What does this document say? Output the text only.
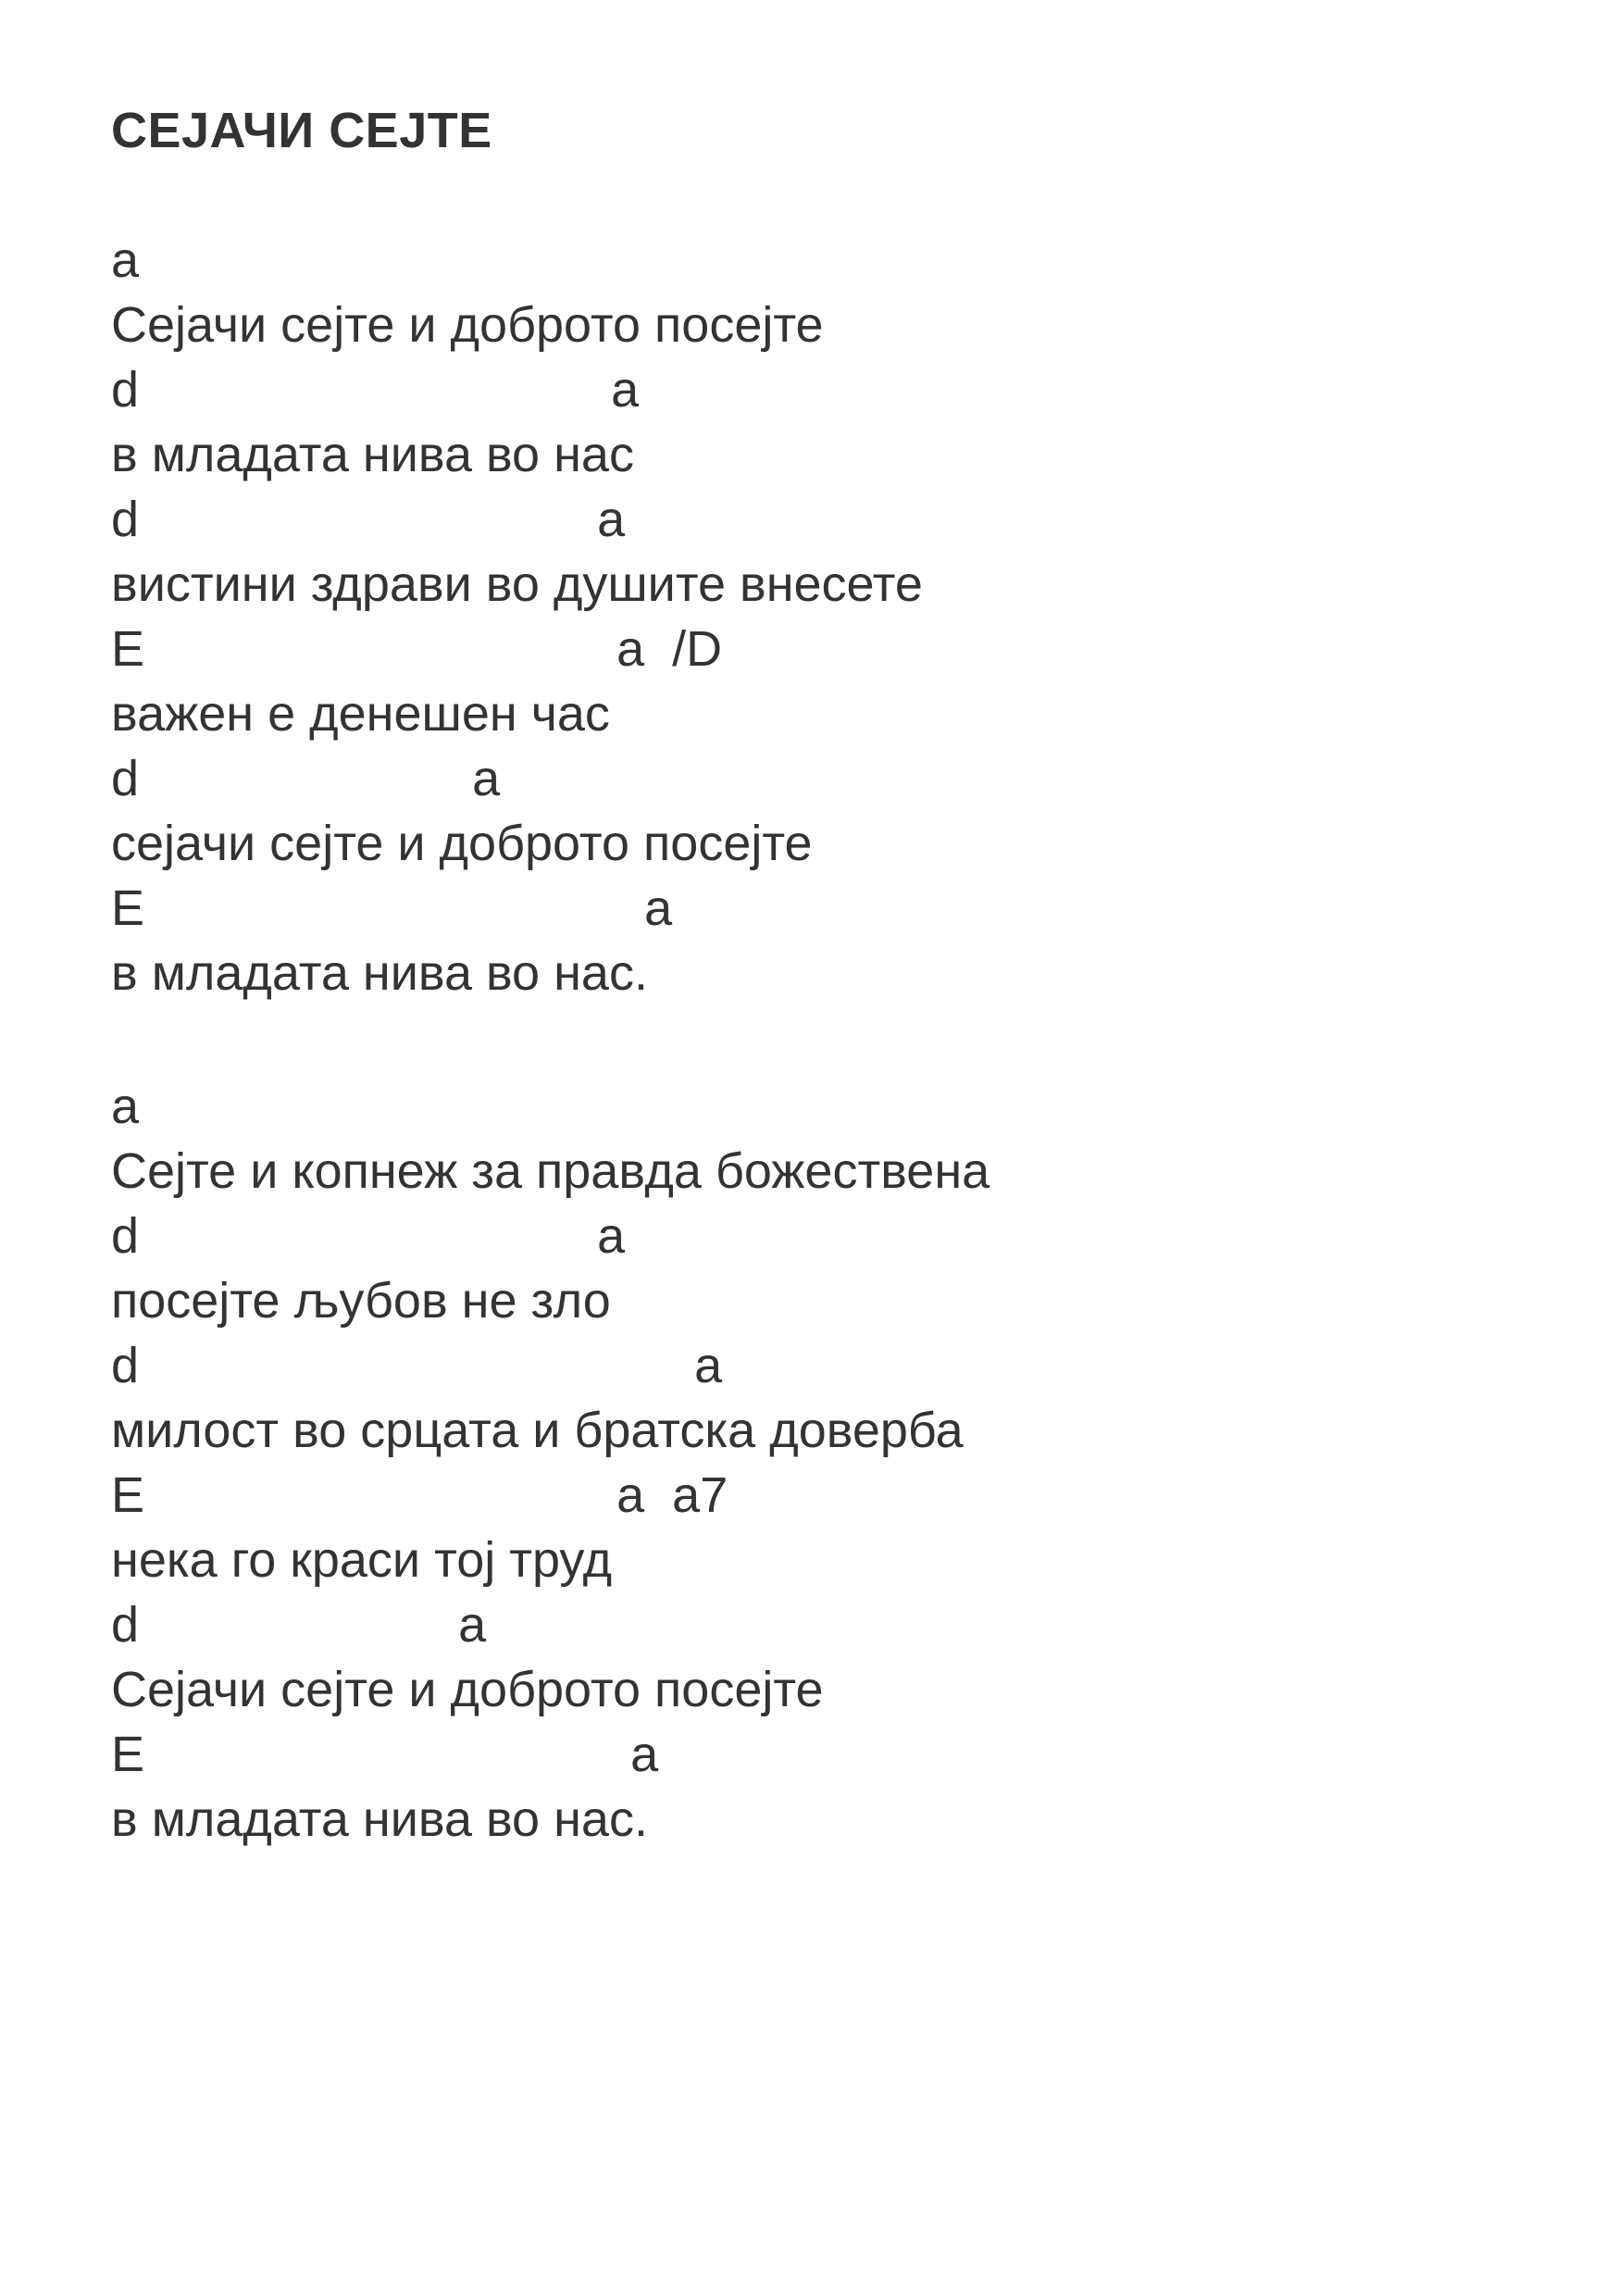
СЕЈАЧИ СЕЈТЕ
a
Сејачи сејте и доброто посејте
d                                  a
в младата нива во нас
d                                 a
вистини здрави во душите внесете
E                                  a  /D
важен е денешен час
d                        a
сејачи сејте и доброто посејте
E                                    a
в младата нива во нас.
a
Сејте и копнеж за правда божествена
d                                 a
посејте љубов не зло
d                                        a
милост во срцата и братска доверба
E                                  a  a7
нека го краси тој труд
d                       a
Сејачи сејте и доброто посејте
E                                   a
в младата нива во нас.
